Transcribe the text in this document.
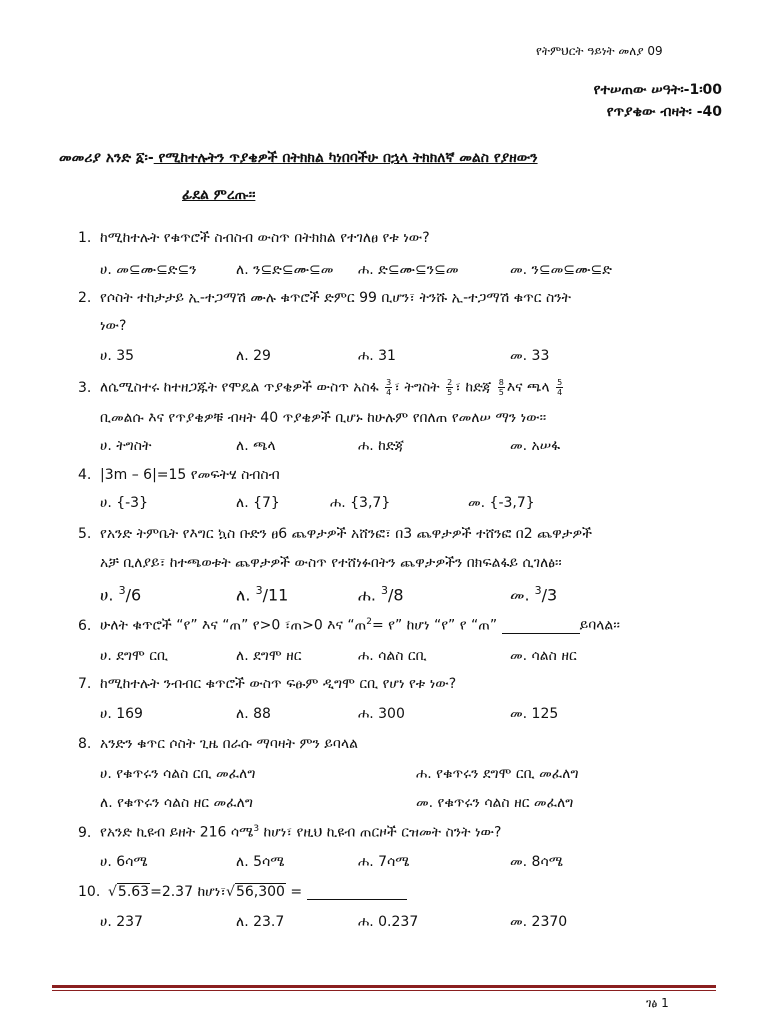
የትምህርት ዓይነት መለያ 09
የተሠጠው ሠዓት፡-1፡00
የጥያቄው ብዛት፡ -40
መመሪያ አንድ ፩፡- የሚከተሉትን ጥያቄዎች በትክክል ካነበባችሁ በኋላ ትክክለኛ መልስ የያዘውን
ፊደል ምረጡ፡፡
1. ከሚከተሉት የቁጥሮች ስብስብ ውስጥ በትክክል የተገለፀ የቱ ነው?
ሀ. መ⊆ሙ⊆ድ⊆ን	ለ. ን⊆ድ⊆ሙ⊆መ ሐ. ድ⊆ሙ⊆ን⊆መ	መ. ን⊆መ⊆ሙ⊆ድ
2. የሶስት ተከታታይ ኢ-ተጋማሽ ሙሉ ቁጥሮች ድምር 99 ቢሆን፣ ትንሹ ኢ-ተጋማሽ ቁጥር ስንት
ነው?
ሀ. 35	ለ. 29	ሐ. 31	መ. 33
3. ለሴሚስተሩ ከተዘጋጁት የሞዴል ጥያቄዎች ውስጥ አስፋ $\frac{3}{4}$ ፣ ትግስት $\frac{2}{5}$ ፣ ከድጃ $\frac{8}{5}$ እና ጫላ $\frac{5}{4}$
ቢመልሱ እና የጥያቄዎቹ ብዛት 40 ጥያቄዎች ቢሆኑ ከሁሉም የበለጠ የመለሠ ማን ነው፡፡
ሀ. ትግስት	ለ. ጫላ	ሐ. ከድጃ	መ. አሠፋ
4. |3m – 6|=15 የመፍትሄ ስብስብ
ሀ. {-3}	ለ. {7}	ሐ. {3,7}	መ. {-3,7}
5. የአንድ ትምቤት የእግር ኳስ ቡድን ፀ6 ጨዋታዎች አሸንፎ፣ በ3 ጨዋታዎች ተሸንፎ በ2 ጨዋታዎች
አቻ ቢለያይ፣ ከተጫወቱት ጨዋታዎች ውስጥ የተሸነፉበትን ጨዋታዎችን በክፍልፋይ ሲገለፅ፡፡
ሀ. $^3$/6	ለ. $^3$/11	ሐ. $^3$/8	መ. $^3$/3
6. ሁለት ቁጥሮች “የ” እና “ጠ” የ>0 ፣ጠ>0 እና “ጠ$^2$= የ” ከሆነ “የ” የ “ጠ”	ይባላል፡፡
ሀ. ደግሞ ርቢ	ለ. ደግሞ ዘር	ሐ. ሳልስ ርቢ	መ. ሳልስ ዘር
7. ከሚከተሉት ንብብር ቁጥሮች ውስጥ ፍፁም ዲግሞ ርቢ የሆነ የቱ ነው?
ሀ. 169	ለ. 88	ሐ. 300	መ. 125
8. አንድን ቁጥር ሶስት ጊዜ በራሱ ማባዛት ምን ይባላል
ሀ. የቁጥሩን ሳልስ ርቢ መፈለግ	ሐ. የቁጥሩን ደግሞ ርቢ መፈለግ
ለ. የቁጥሩን ሳልስ ዘር መፈለግ	መ. የቁጥሩን ሳልስ ዘር መፈለግ
9. የአንድ ኪዩብ ይዘት 216 ሳሜ$^3$ ከሆነ፣ የዚህ ኪዩብ ጠርዞች ርዝመት ስንት ነው?
ሀ. 6ሳሜ	ለ. 5ሳሜ	ሐ. 7ሳሜ	መ. 8ሳሜ
10. √5.63=2.37 ከሆነ፣√56,300 =
ሀ. 237	ለ. 23.7	ሐ. 0.237	መ. 2370
ገፅ 1
